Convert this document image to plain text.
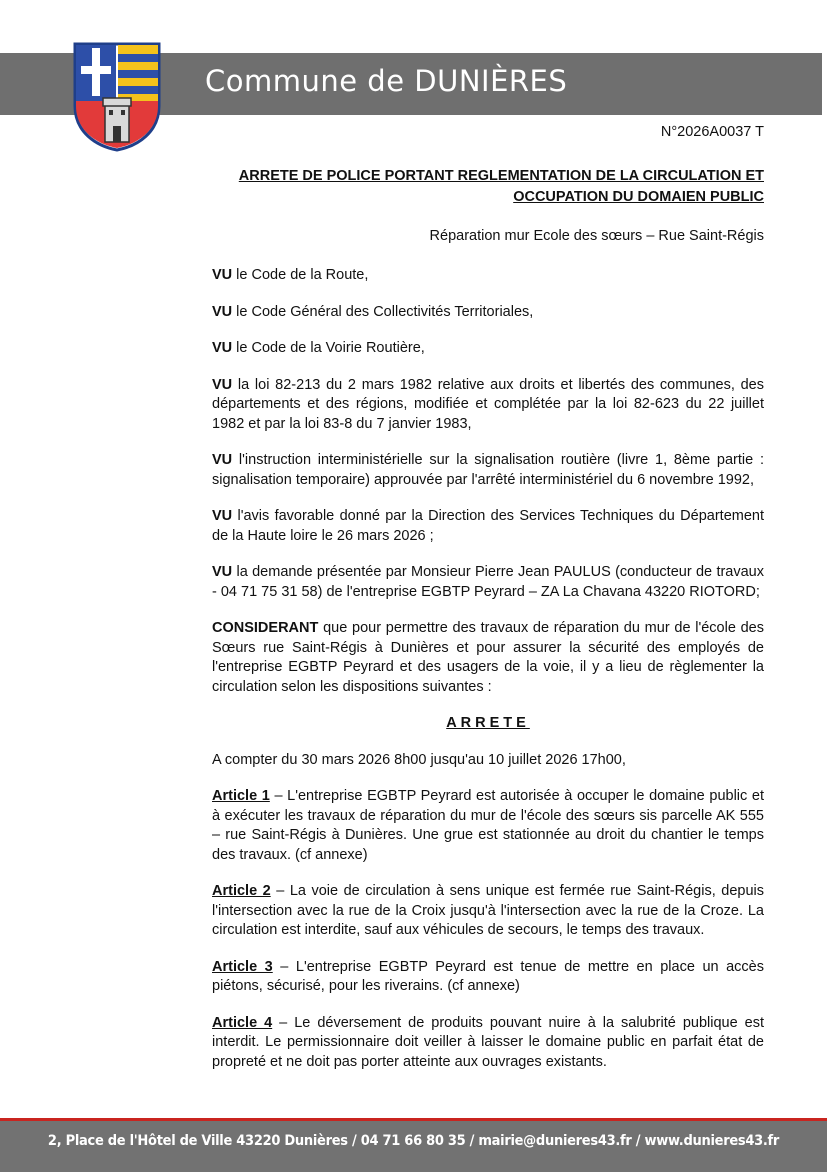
Commune de DUNIÈRES
N°2026A0037 T
ARRETE DE POLICE PORTANT REGLEMENTATION DE LA CIRCULATION ET
OCCUPATION DU DOMAIEN PUBLIC
Réparation mur Ecole des sœurs – Rue Saint-Régis

VU le Code de la Route,

VU le Code Général des Collectivités Territoriales,

VU le Code de la Voirie Routière,

VU la loi 82-213 du 2 mars 1982 relative aux droits et libertés des communes, des départements et des régions, modifiée et complétée par la loi 82-623 du 22 juillet 1982 et par la loi 83-8 du 7 janvier 1983,

VU l'instruction interministérielle sur la signalisation routière (livre 1, 8ème partie : signalisation temporaire) approuvée par l'arrêté interministériel du 6 novembre 1992,

VU l'avis favorable donné par la Direction des Services Techniques du Département de la Haute loire le 26 mars 2026 ;

VU la demande présentée par Monsieur Pierre Jean PAULUS (conducteur de travaux - 04 71 75 31 58) de l'entreprise EGBTP Peyrard – ZA La Chavana 43220 RIOTORD;

CONSIDERANT que pour permettre des travaux de réparation du mur de l'école des Sœurs rue Saint-Régis à Dunières et pour assurer la sécurité des employés de l'entreprise EGBTP Peyrard et des usagers de la voie, il y a lieu de règlementer la circulation selon les dispositions suivantes :

ARRETE

A compter du 30 mars 2026 8h00 jusqu'au 10 juillet 2026 17h00,

Article 1 – L'entreprise EGBTP Peyrard est autorisée à occuper le domaine public et à exécuter les travaux de réparation du mur de l'école des sœurs sis parcelle AK 555 – rue Saint-Régis à Dunières. Une grue est stationnée au droit du chantier le temps des travaux. (cf annexe)

Article 2 – La voie de circulation à sens unique est fermée rue Saint-Régis, depuis l'intersection avec la rue de la Croix jusqu'à l'intersection avec la rue de la Croze. La circulation est interdite, sauf aux véhicules de secours, le temps des travaux.

Article 3 – L'entreprise EGBTP Peyrard est tenue de mettre en place un accès piétons, sécurisé, pour les riverains. (cf annexe)

Article 4 – Le déversement de produits pouvant nuire à la salubrité publique est interdit. Le permissionnaire doit veiller à laisser le domaine public en parfait état de propreté et ne doit pas porter atteinte aux ouvrages existants.

2, Place de l'Hôtel de Ville 43220 Dunières / 04 71 66 80 35 / mairie@dunieres43.fr / www.dunieres43.fr
